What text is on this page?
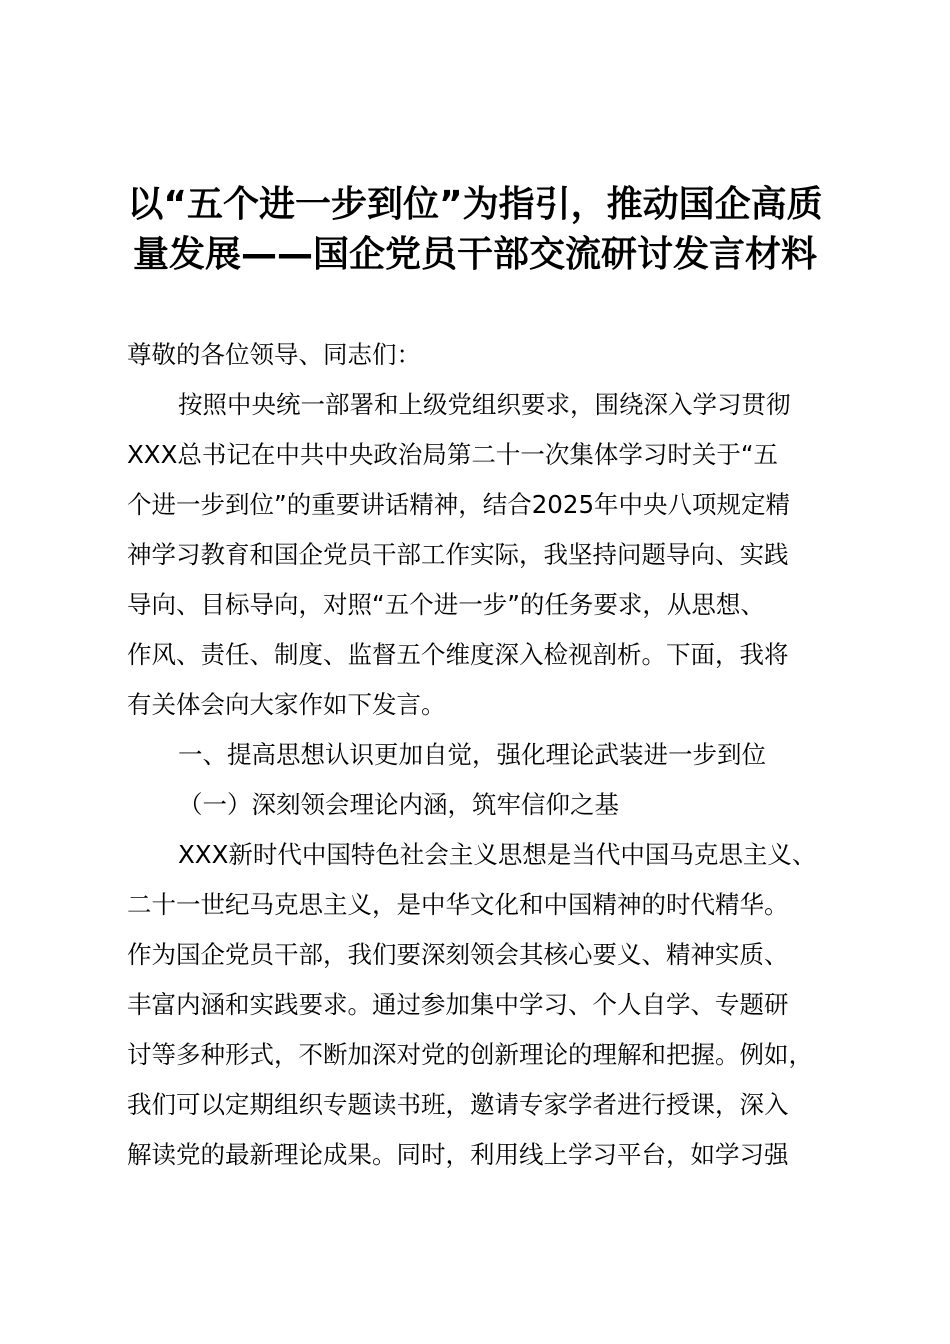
以“五个进一步到位”为指引，推动国企高质
量发展——国企党员干部交流研讨发言材料

尊敬的各位领导、同志们：

按照中央统一部署和上级党组织要求，围绕深入学习贯彻
XXX总书记在中共中央政治局第二十一次集体学习时关于“五
个进一步到位”的重要讲话精神，结合2025年中央八项规定精
神学习教育和国企党员干部工作实际，我坚持问题导向、实践
导向、目标导向，对照“五个进一步”的任务要求，从思想、
作风、责任、制度、监督五个维度深入检视剖析。下面，我将
有关体会向大家作如下发言。

一、提高思想认识更加自觉，强化理论武装进一步到位

（一）深刻领会理论内涵，筑牢信仰之基

XXX新时代中国特色社会主义思想是当代中国马克思主义、
二十一世纪马克思主义，是中华文化和中国精神的时代精华。
作为国企党员干部，我们要深刻领会其核心要义、精神实质、
丰富内涵和实践要求。通过参加集中学习、个人自学、专题研
讨等多种形式，不断加深对党的创新理论的理解和把握。例如，
我们可以定期组织专题读书班，邀请专家学者进行授课，深入
解读党的最新理论成果。同时，利用线上学习平台，如学习强
